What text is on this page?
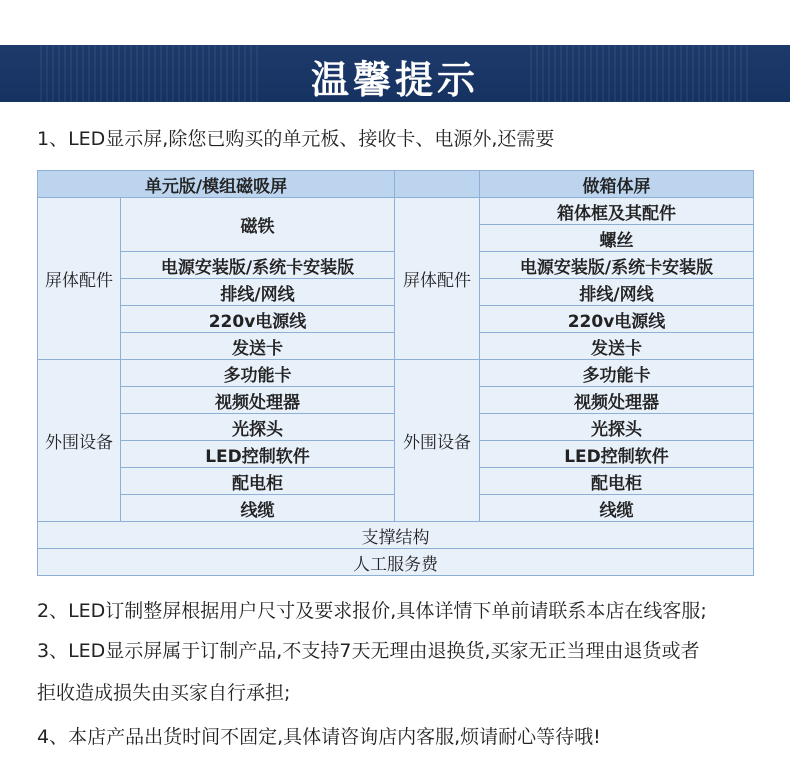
温馨提示
1、LED显示屏,除您已购买的单元板、接收卡、电源外,还需要
单元版/模组磁吸屏			做箱体屏
屏体配件	磁铁	屏体配件	箱体框及其配件
			螺丝
	电源安装版/系统卡安装版		电源安装版/系统卡安装版
	排线/网线		排线/网线
	220v电源线		220v电源线
	发送卡		发送卡
外围设备	多功能卡	外围设备	多功能卡
	视频处理器		视频处理器
	光探头		光探头
	LED控制软件		LED控制软件
	配电柜		配电柜
	线缆		线缆
支撑结构			
人工服务费			
2、LED订制整屏根据用户尺寸及要求报价,具体详情下单前请联系本店在线客服;
3、LED显示屏属于订制产品,不支持7天无理由退换货,买家无正当理由退货或者
拒收造成损失由买家自行承担;
4、本店产品出货时间不固定,具体请咨询店内客服,烦请耐心等待哦!
